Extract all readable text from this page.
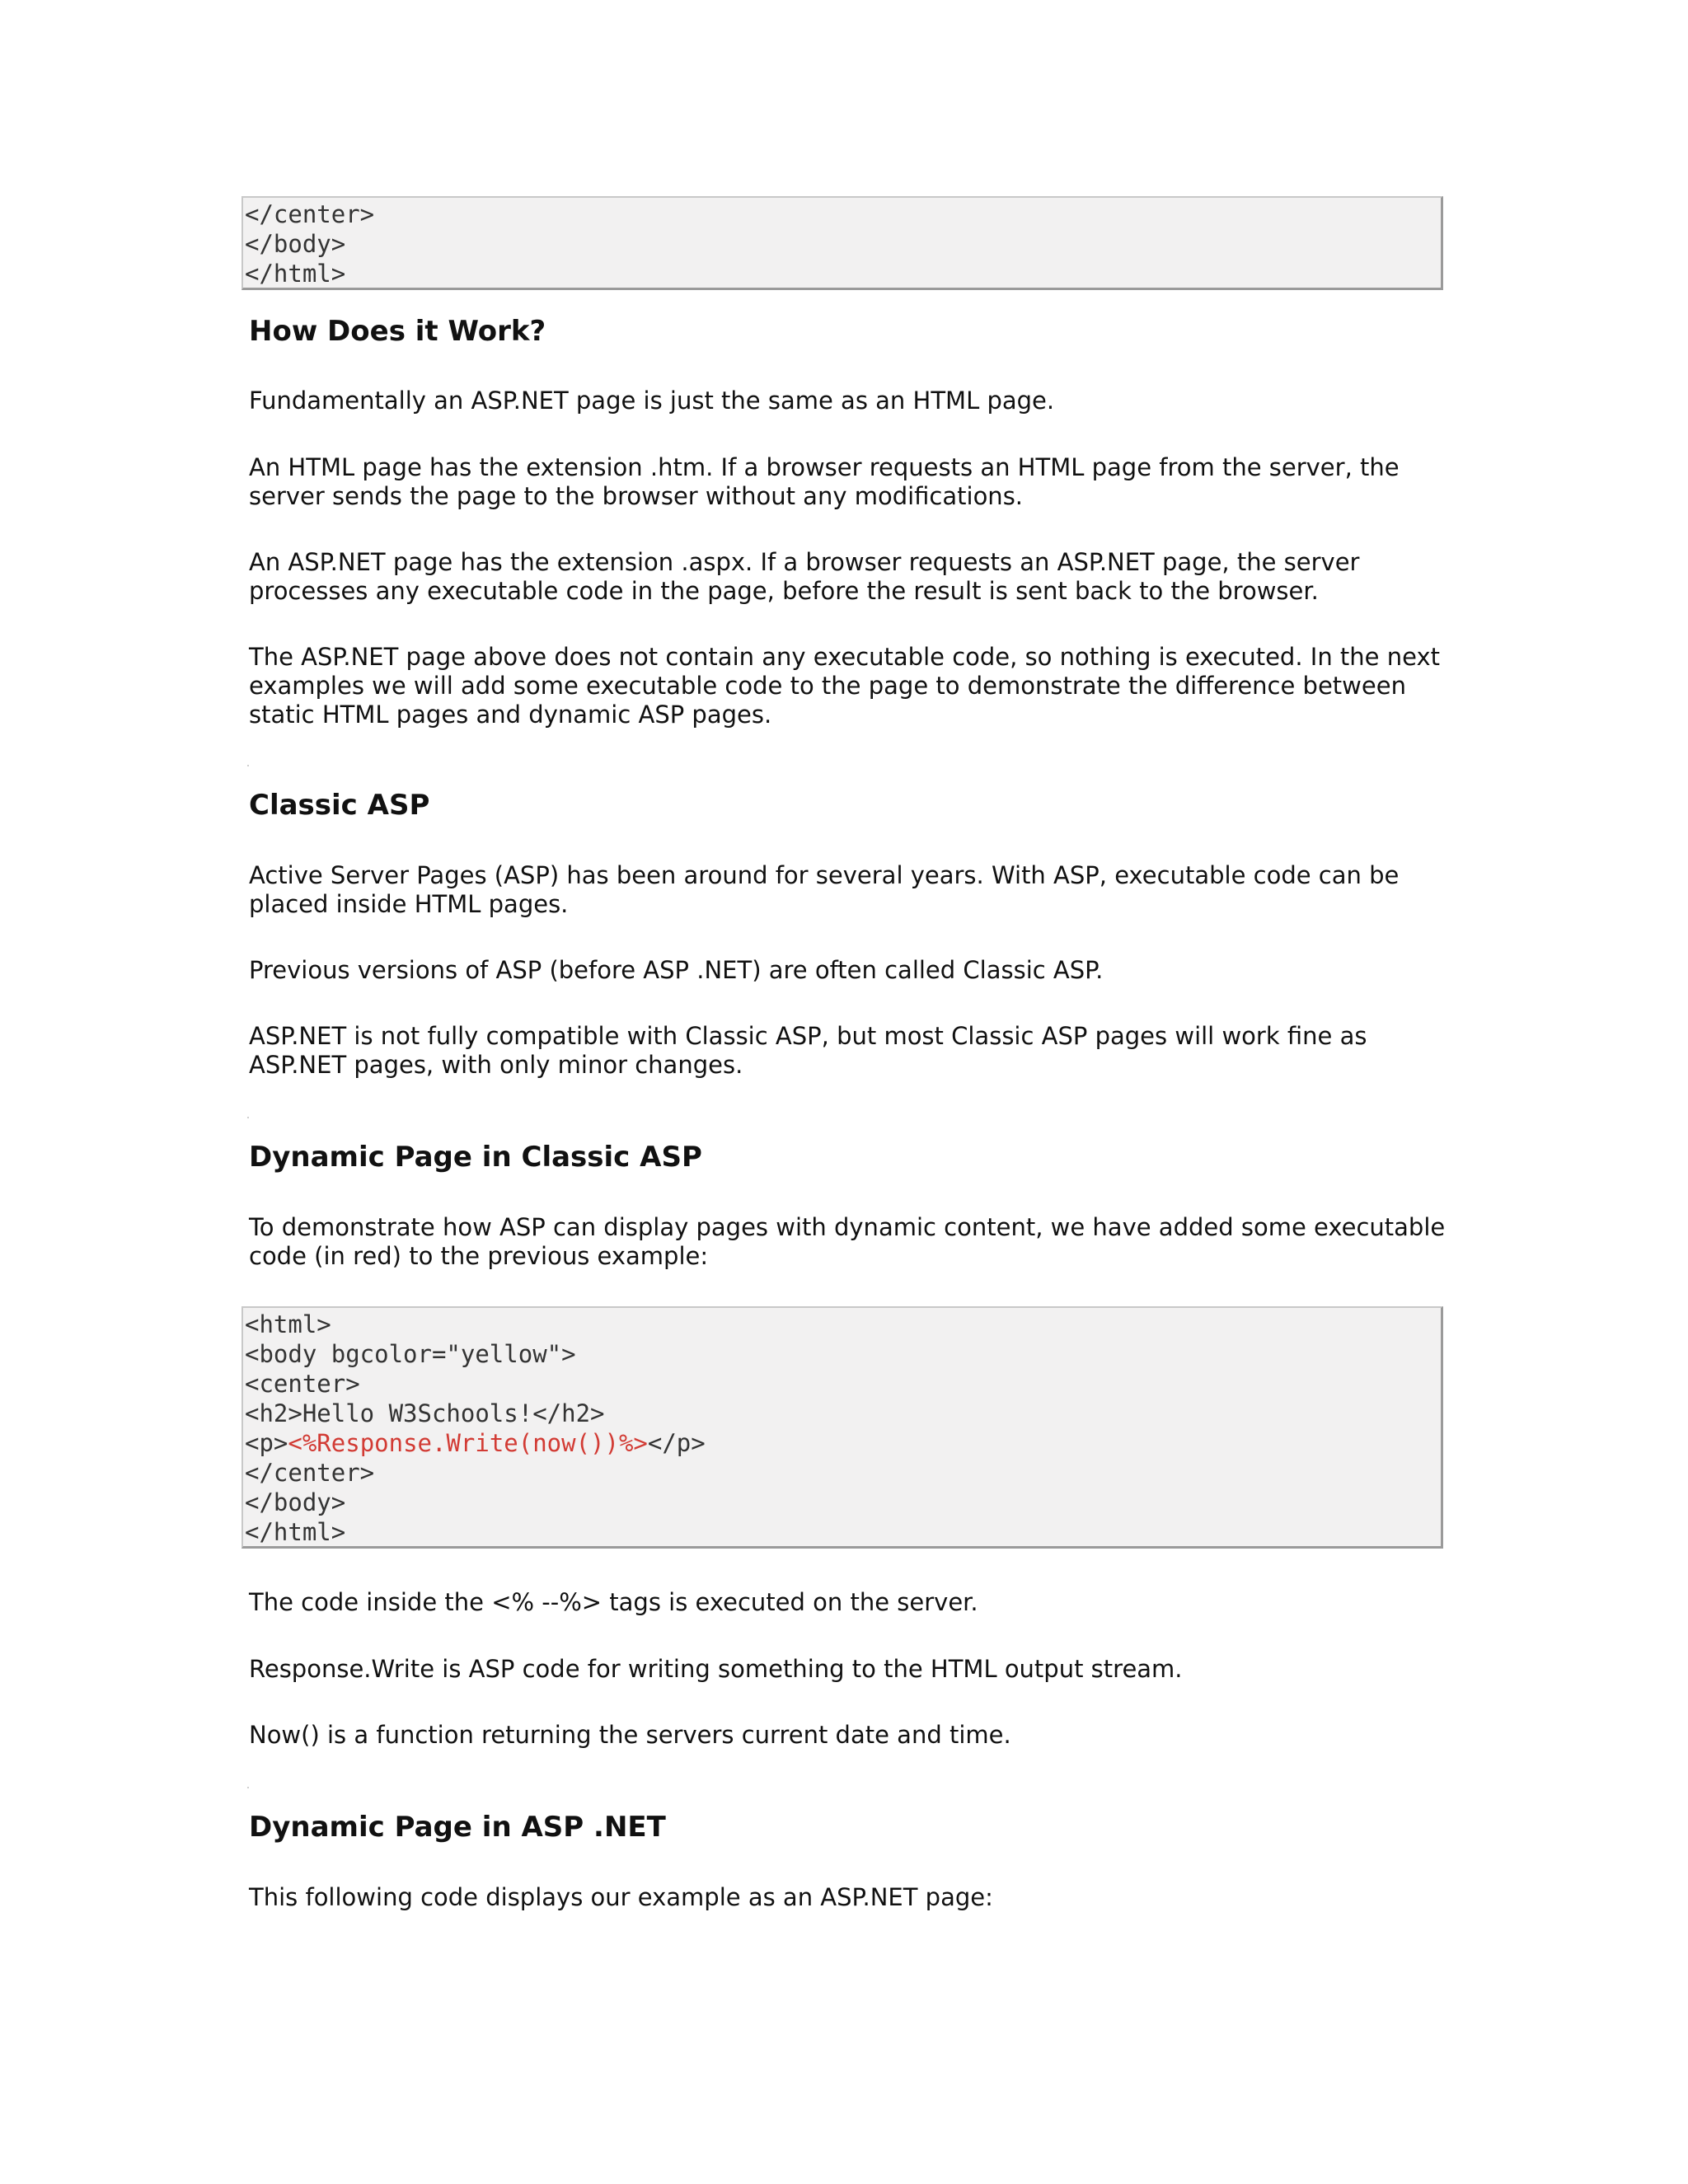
</center>
</body>
</html>
How Does it Work?

Fundamentally an ASP.NET page is just the same as an HTML page.

An HTML page has the extension .htm. If a browser requests an HTML page from the server, the server sends the page to the browser without any modifications.

An ASP.NET page has the extension .aspx. If a browser requests an ASP.NET page, the server processes any executable code in the page, before the result is sent back to the browser.

The ASP.NET page above does not contain any executable code, so nothing is executed. In the next examples we will add some executable code to the page to demonstrate the difference between static HTML pages and dynamic ASP pages.

Classic ASP

Active Server Pages (ASP) has been around for several years. With ASP, executable code can be placed inside HTML pages.

Previous versions of ASP (before ASP .NET) are often called Classic ASP.

ASP.NET is not fully compatible with Classic ASP, but most Classic ASP pages will work fine as ASP.NET pages, with only minor changes.

Dynamic Page in Classic ASP

To demonstrate how ASP can display pages with dynamic content, we have added some executable code (in red) to the previous example:

<html>
<body bgcolor="yellow">
<center>
<h2>Hello W3Schools!</h2>
<p><%Response.Write(now())%></p>
</center>
</body>
</html>

The code inside the <% --%> tags is executed on the server.

Response.Write is ASP code for writing something to the HTML output stream.

Now() is a function returning the servers current date and time.

Dynamic Page in ASP .NET

This following code displays our example as an ASP.NET page:
